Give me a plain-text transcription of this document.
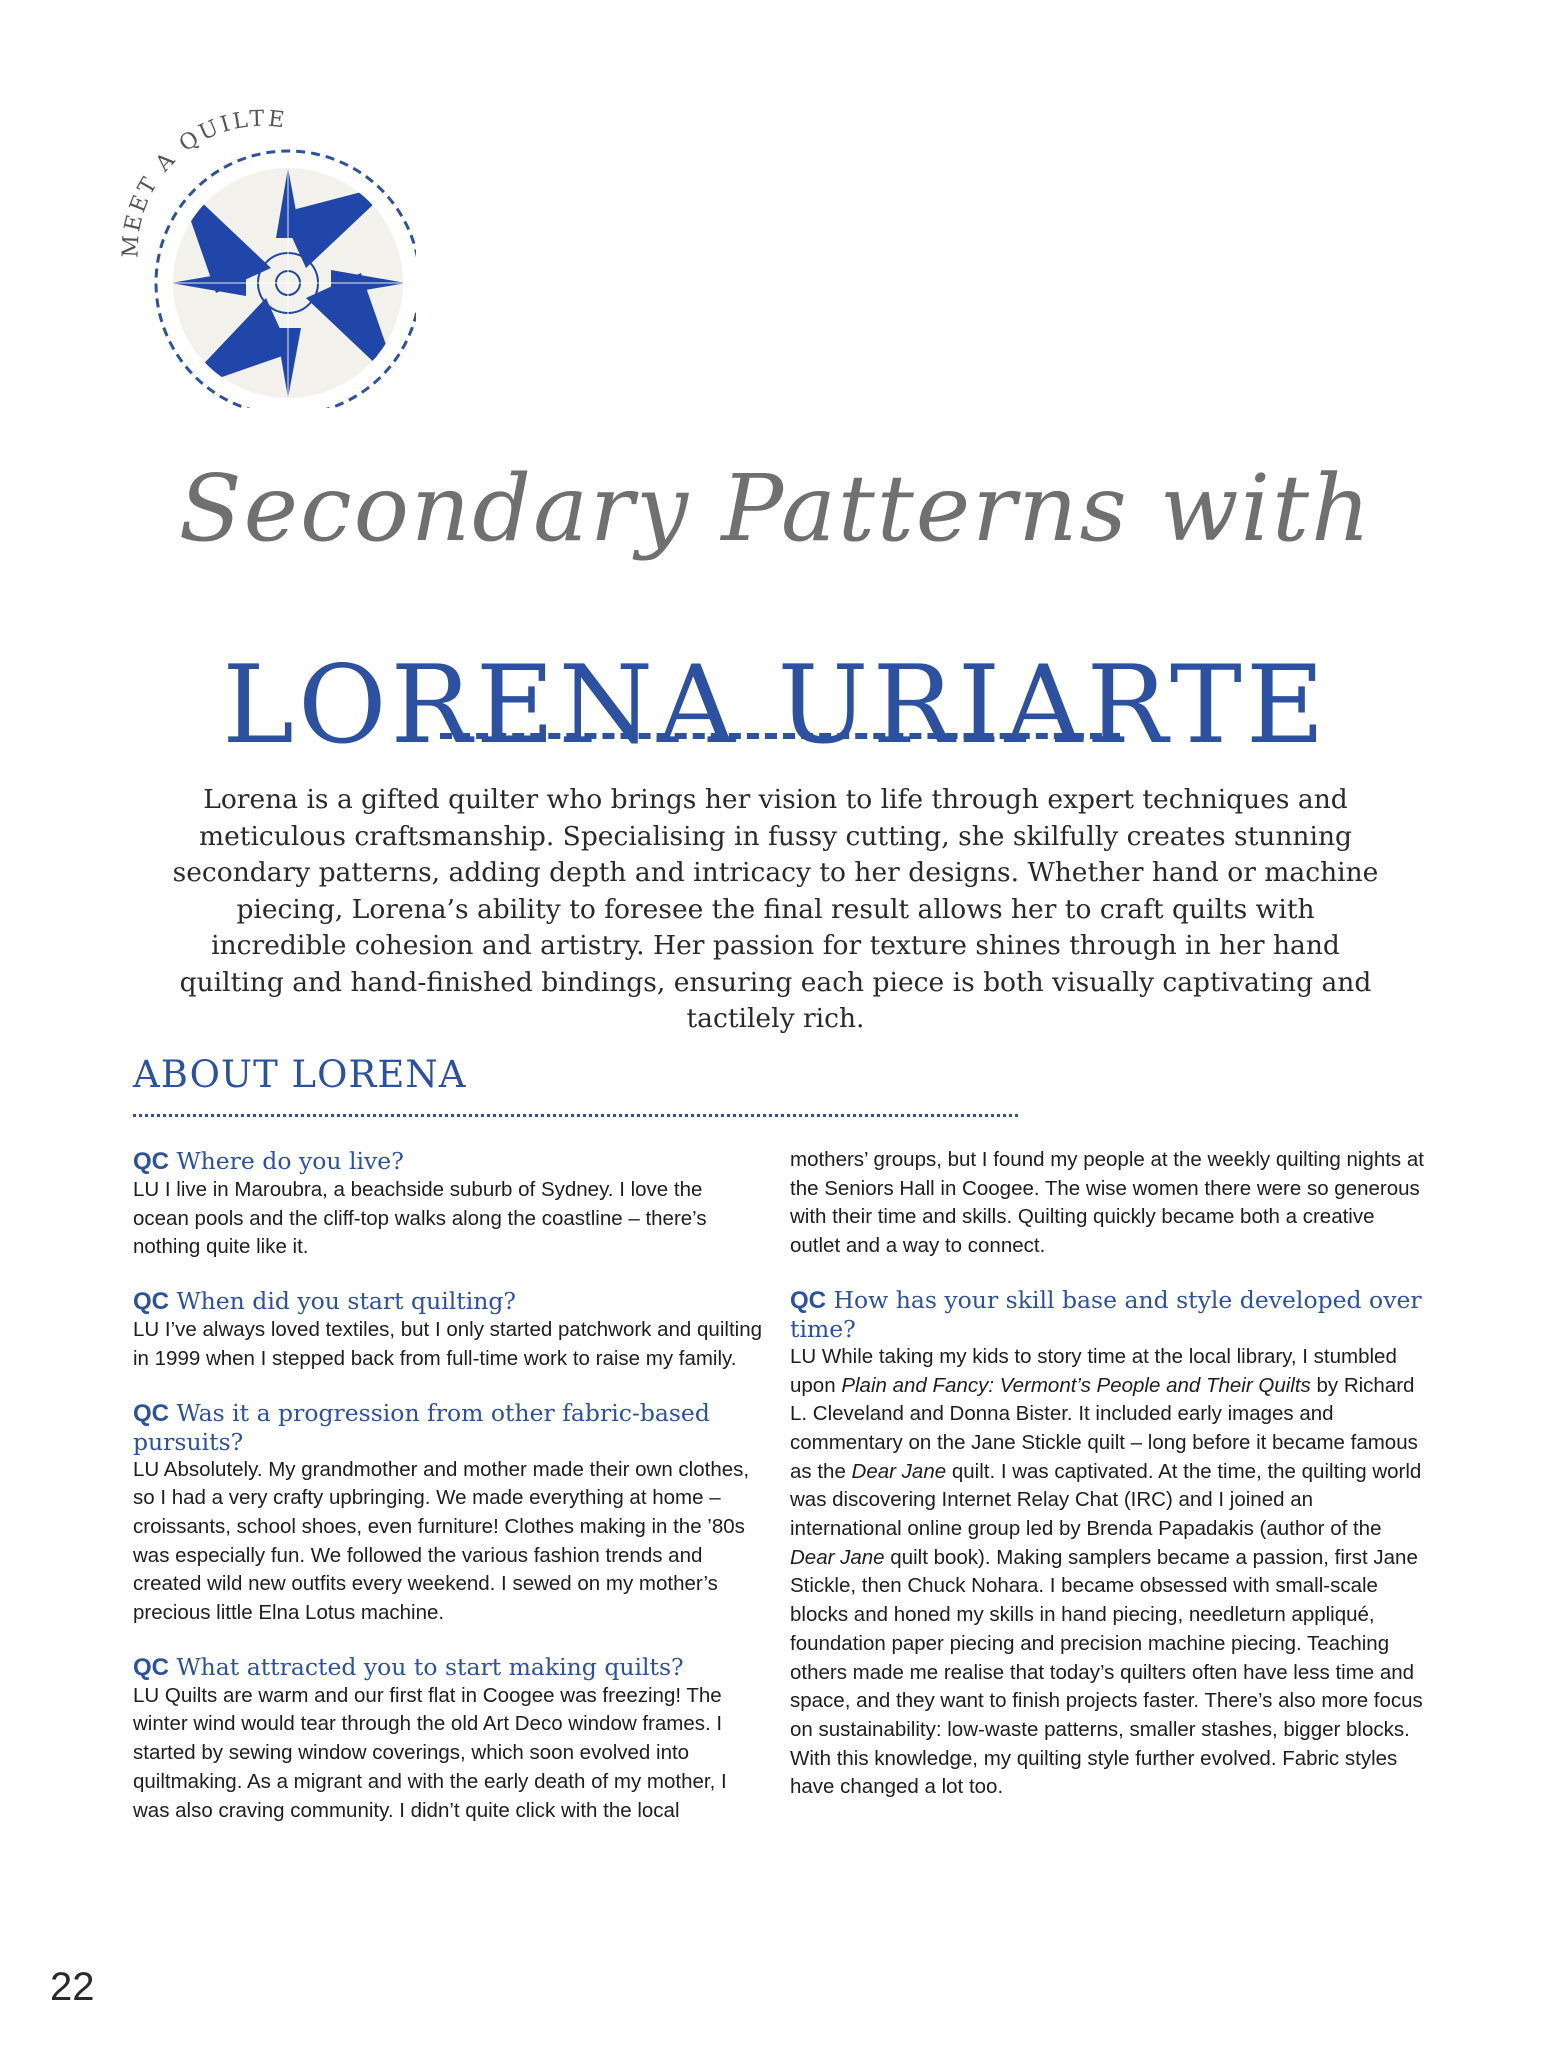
MEET A QUILTE
Secondary Patterns with
LORENA URIARTE

Lorena is a gifted quilter who brings her vision to life through expert techniques and meticulous craftsmanship. Specialising in fussy cutting, she skilfully creates stunning secondary patterns, adding depth and intricacy to her designs. Whether hand or machine piecing, Lorena’s ability to foresee the final result allows her to craft quilts with incredible cohesion and artistry. Her passion for texture shines through in her hand quilting and hand-finished bindings, ensuring each piece is both visually captivating and tactilely rich.

ABOUT LORENA

QC Where do you live?

LU I live in Maroubra, a beachside suburb of Sydney. I love the ocean pools and the cliff-top walks along the coastline – there’s nothing quite like it.

QC When did you start quilting?

LU I’ve always loved textiles, but I only started patchwork and quilting in 1999 when I stepped back from full-time work to raise my family.

QC Was it a progression from other fabric-based pursuits?

LU Absolutely. My grandmother and mother made their own clothes, so I had a very crafty upbringing. We made everything at home – croissants, school shoes, even furniture! Clothes making in the ’80s was especially fun. We followed the various fashion trends and created wild new outfits every weekend. I sewed on my mother’s precious little Elna Lotus machine.

QC What attracted you to start making quilts?

LU Quilts are warm and our first flat in Coogee was freezing! The winter wind would tear through the old Art Deco window frames. I started by sewing window coverings, which soon evolved into quiltmaking. As a migrant and with the early death of my mother, I was also craving community. I didn’t quite click with the local

mothers’ groups, but I found my people at the weekly quilting nights at the Seniors Hall in Coogee. The wise women there were so generous with their time and skills. Quilting quickly became both a creative outlet and a way to connect.

QC How has your skill base and style developed over time?

LU While taking my kids to story time at the local library, I stumbled upon Plain and Fancy: Vermont’s People and Their Quilts by Richard L. Cleveland and Donna Bister. It included early images and commentary on the Jane Stickle quilt – long before it became famous as the Dear Jane quilt. I was captivated. At the time, the quilting world was discovering Internet Relay Chat (IRC) and I joined an international online group led by Brenda Papadakis (author of the Dear Jane quilt book). Making samplers became a passion, first Jane Stickle, then Chuck Nohara. I became obsessed with small-scale blocks and honed my skills in hand piecing, needleturn appliqué, foundation paper piecing and precision machine piecing. Teaching others made me realise that today’s quilters often have less time and space, and they want to finish projects faster. There’s also more focus on sustainability: low-waste patterns, smaller stashes, bigger blocks. With this knowledge, my quilting style further evolved. Fabric styles have changed a lot too.

22
